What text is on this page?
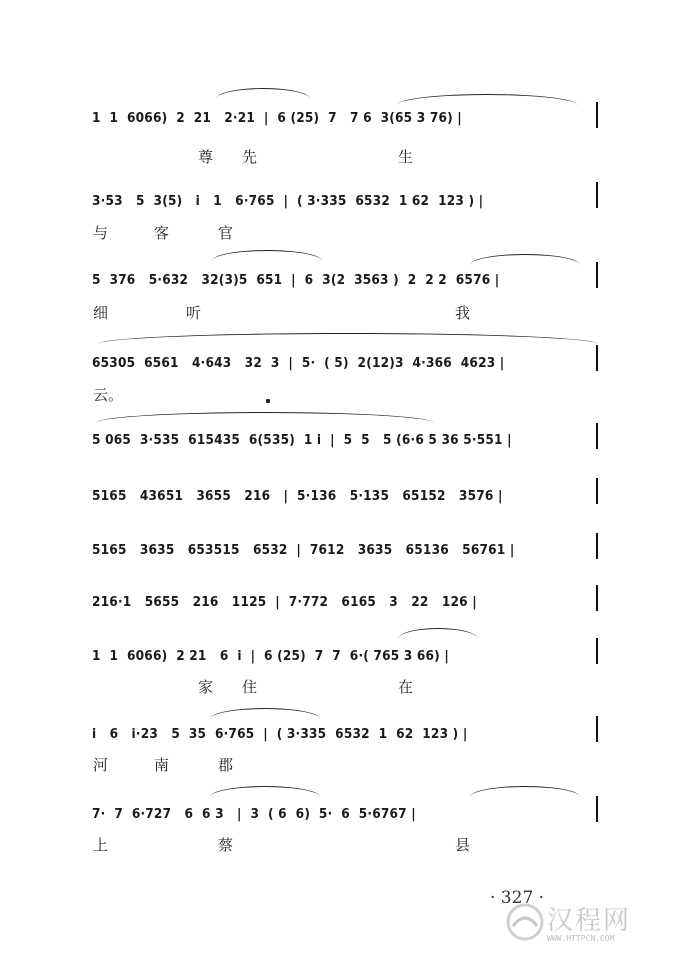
1  1  6066)  2  21   2·21  |  6 (25)  7   7 6  3(65 3 76) |
尊 先	生
3·53   5  3(5)   i   1   6·765  |  ( 3·335  6532  1 62  123 ) |
与	客	官
5  376   5·632   32(3)5  651  |  6  3(2  3563 )  2  2 2  6576 |
细	听	我
65305  6561   4·643   32  3  |  5·  ( 5)  2(12)3  4·366  4623 |
云。
5 065  3·535  615435  6(535)  1 i  |  5  5   5 (6·6 5 36 5·551 |
5165   43651   3655   216   |  5·136   5·135   65152   3576 |
5165   3635   653515   6532  |  7612   3635   65136   56761 |
216·1   5655   216   1125  |  7·772   6165   3   22   126 |
1  1  6066)  2 21   6  i  |  6 (25)  7  7  6·( 765 3 66) |
家 住	在
i   6   i·23   5  35  6·765  |  ( 3·335  6532  1  62  123 ) |
河	南	郡
7·  7  6·727   6  6 3   |  3  ( 6  6)  5·  6  5·6767 |
上	蔡	县
· 327 ·
汉程网
WWW.HTTPCN.COM
